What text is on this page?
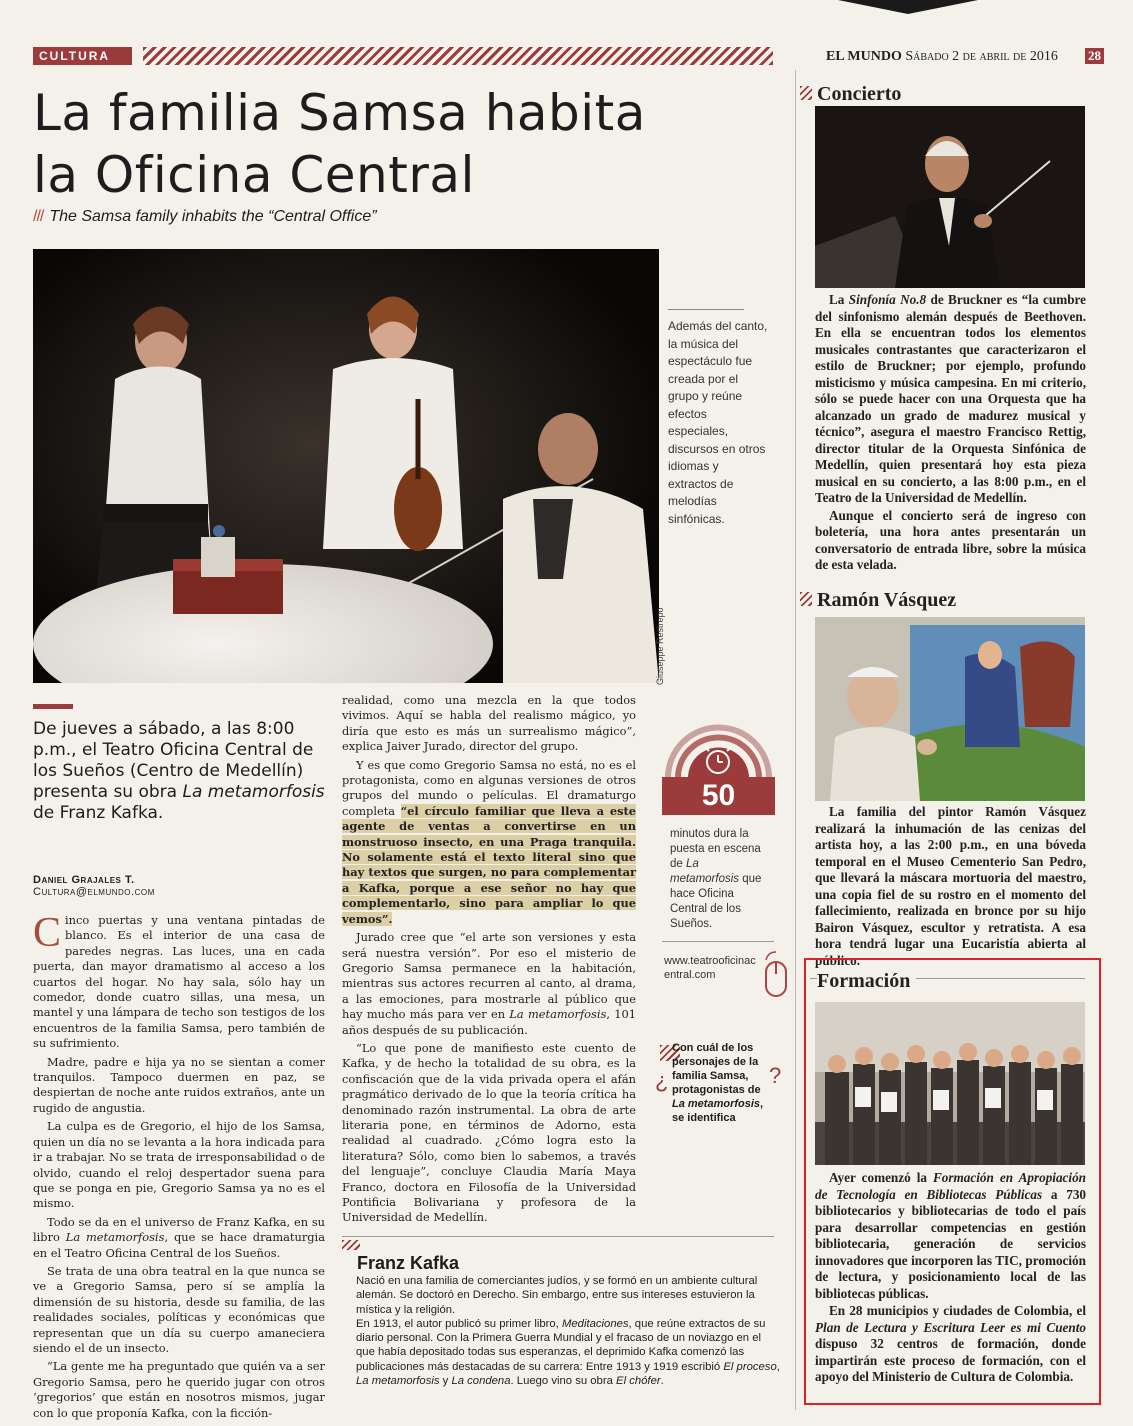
CULTURA	EL MUNDO Sábado 2 de abril de 2016 28
La familia Samsa habita
la Oficina Central
/// The Samsa family inhabits the “Central Office”
Giuseppe Restrepo
Además del canto, la música del espectáculo fue creada por el grupo y reúne efectos especiales, discursos en otros idiomas y extractos de melodías sinfónicas.
De jueves a sábado, a las 8:00 p.m., el Teatro Oficina Central de los Sueños (Centro de Medellín) presenta su obra La metamorfosis de Franz Kafka.
Daniel Grajales T.
Cultura@elmundo.com

Cinco puertas y una ventana pintadas de blanco. Es el interior de una casa de paredes negras. Las luces, una en cada puerta, dan mayor dramatismo al acceso a los cuartos del hogar. No hay sala, sólo hay un comedor, donde cuatro sillas, una mesa, un mantel y una lámpara de techo son testigos de los encuentros de la familia Samsa, pero también de su sufrimiento.

Madre, padre e hija ya no se sientan a comer tranquilos. Tampoco duermen en paz, se despiertan de noche ante ruidos extraños, ante un rugido de angustia.

La culpa es de Gregorio, el hijo de los Samsa, quien un día no se levanta a la hora indicada para ir a trabajar. No se trata de irresponsabilidad o de olvido, cuando el reloj despertador suena para que se ponga en pie, Gregorio Samsa ya no es el mismo.

Todo se da en el universo de Franz Kafka, en su libro La metamorfosis, que se hace dramaturgia en el Teatro Oficina Central de los Sueños.

Se trata de una obra teatral en la que nunca se ve a Gregorio Samsa, pero sí se amplía la dimensión de su historia, desde su familia, de las realidades sociales, políticas y económicas que representan que un día su cuerpo amaneciera siendo el de un insecto.

“La gente me ha preguntado que quién va a ser Gregorio Samsa, pero he querido jugar con otros ‘gregorios’ que están en nosotros mismos, jugar con lo que proponía Kafka, con la ficción-

realidad, como una mezcla en la que todos vivimos. Aquí se habla del realismo mágico, yo diría que esto es más un surrealismo mágico”, explica Jaiver Jurado, director del grupo.

Y es que como Gregorio Samsa no está, no es el protagonista, como en algunas versiones de otros grupos del mundo o películas. El dramaturgo completa “el círculo familiar que lleva a este agente de ventas a convertirse en un monstruoso insecto, en una Praga tranquila. No solamente está el texto literal sino que hay textos que surgen, no para complementar a Kafka, porque a ese señor no hay que complementarlo, sino para ampliar lo que vemos”.

Jurado cree que “el arte son versiones y esta será nuestra versión”. Por eso el misterio de Gregorio Samsa permanece en la habitación, mientras sus actores recurren al canto, al drama, a las emociones, para mostrarle al público que hay mucho más para ver en La metamorfosis, 101 años después de su publicación.

“Lo que pone de manifiesto este cuento de Kafka, y de hecho la totalidad de su obra, es la confiscación que de la vida privada opera el afán pragmático derivado de lo que la teoría crítica ha denominado razón instrumental. La obra de arte literaria pone, en términos de Adorno, esta realidad al cuadrado. ¿Cómo logra esto la literatura? Sólo, como bien lo sabemos, a través del lenguaje”, concluye Claudia María Maya Franco, doctora en Filosofía de la Universidad Pontificia Bolivariana y profesora de la Universidad de Medellín.

50
minutos dura la puesta en escena de La metamorfosis que hace Oficina Central de los Sueños.
www.teatrooficinacentral.com
¿
Con cuál de los personajes de la familia Samsa, protagonistas de La metamorfosis, se identifica
?
Franz Kafka
Nació en una familia de comerciantes judíos, y se formó en un ambiente cultural alemán. Se doctoró en Derecho. Sin embargo, entre sus intereses estuvieron la mística y la religión.
En 1913, el autor publicó su primer libro, Meditaciones, que reúne extractos de su diario personal. Con la Primera Guerra Mundial y el fracaso de un noviazgo en el que había depositado todas sus esperanzas, el deprimido Kafka comenzó las publicaciones más destacadas de su carrera: Entre 1913 y 1919 escribió El proceso, La metamorfosis y La condena. Luego vino su obra El chófer.
Concierto

La Sinfonía No.8 de Bruckner es “la cumbre del sinfonismo alemán después de Beethoven. En ella se encuentran todos los elementos musicales contrastantes que caracterizaron el estilo de Bruckner; por ejemplo, profundo misticismo y música campesina. En mi criterio, sólo se puede hacer con una Orquesta que ha alcanzado un grado de madurez musical y técnico”, asegura el maestro Francisco Rettig, director titular de la Orquesta Sinfónica de Medellín, quien presentará hoy esta pieza musical en su concierto, a las 8:00 p.m., en el Teatro de la Universidad de Medellín.

Aunque el concierto será de ingreso con boletería, una hora antes presentarán un conversatorio de entrada libre, sobre la música de esta velada.

Ramón Vásquez

La familia del pintor Ramón Vásquez realizará la inhumación de las cenizas del artista hoy, a las 2:00 p.m., en una bóveda temporal en el Museo Cementerio San Pedro, que llevará la máscara mortuoria del maestro, una copia fiel de su rostro en el momento del fallecimiento, realizada en bronce por su hijo Bairon Vásquez, escultor y retratista. A esa hora tendrá lugar una Eucaristía abierta al público.

Formación

Ayer comenzó la Formación en Apropiación de Tecnología en Bibliotecas Públicas a 730 bibliotecarios y bibliotecarias de todo el país para desarrollar competencias en gestión bibliotecaria, generación de servicios innovadores que incorporen las TIC, promoción de lectura, y posicionamiento local de las bibliotecas públicas.

En 28 municipios y ciudades de Colombia, el Plan de Lectura y Escritura Leer es mi Cuento dispuso 32 centros de formación, donde impartirán este proceso de formación, con el apoyo del Ministerio de Cultura de Colombia.
